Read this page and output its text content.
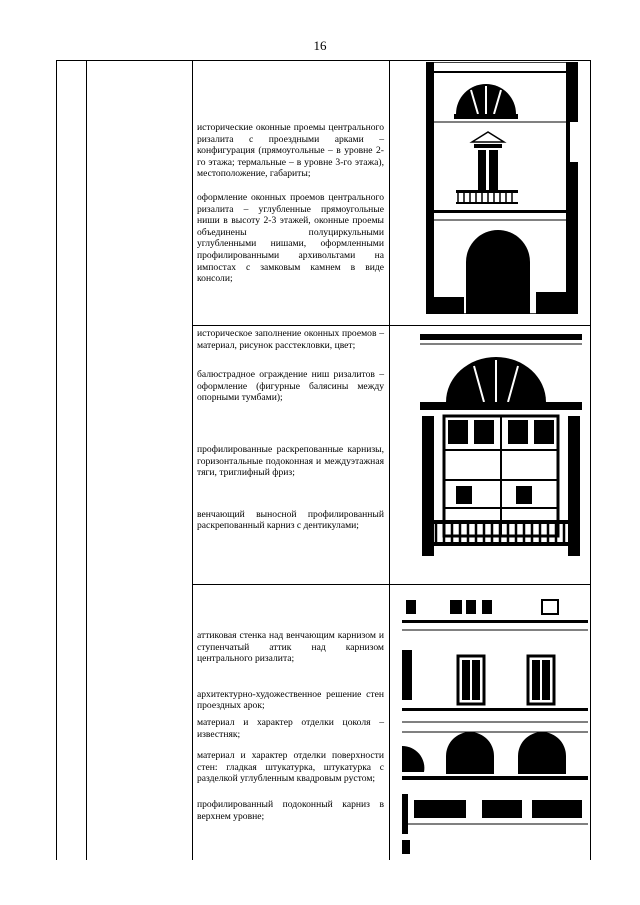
16
исторические оконные проемы центрального ризалита с проездными арками – конфигурация (прямоугольные – в уровне 2-го этажа; термальные – в уровне 3-го этажа), местоположение, габариты;
оформление оконных проемов центрального ризалита – углубленные прямоугольные ниши в высоту 2-3 этажей, оконные проемы объединены полуциркульными углубленными нишами, оформленными профилированными архивольтами на импостах с замковым камнем в виде консоли;
историческое заполнение оконных проемов – материал, рисунок расстекловки, цвет;
балюстрадное ограждение ниш ризалитов – оформление (фигурные балясины между опорными тумбами);
профилированные раскрепованные карнизы, горизонтальные подоконная и междуэтажная тяги, триглифный фриз;
венчающий выносной профилированный раскрепованный карниз с дентикулами;
аттиковая стенка над венчающим карнизом и ступенчатый аттик над карнизом центрального ризалита;
архитектурно-художественное решение стен проездных арок;
материал и характер отделки цоколя – известняк;
материал и характер отделки поверхности стен: гладкая штукатурка, штукатурка с разделкой углубленным квадровым рустом;
профилированный подоконный карниз в верхнем уровне;
